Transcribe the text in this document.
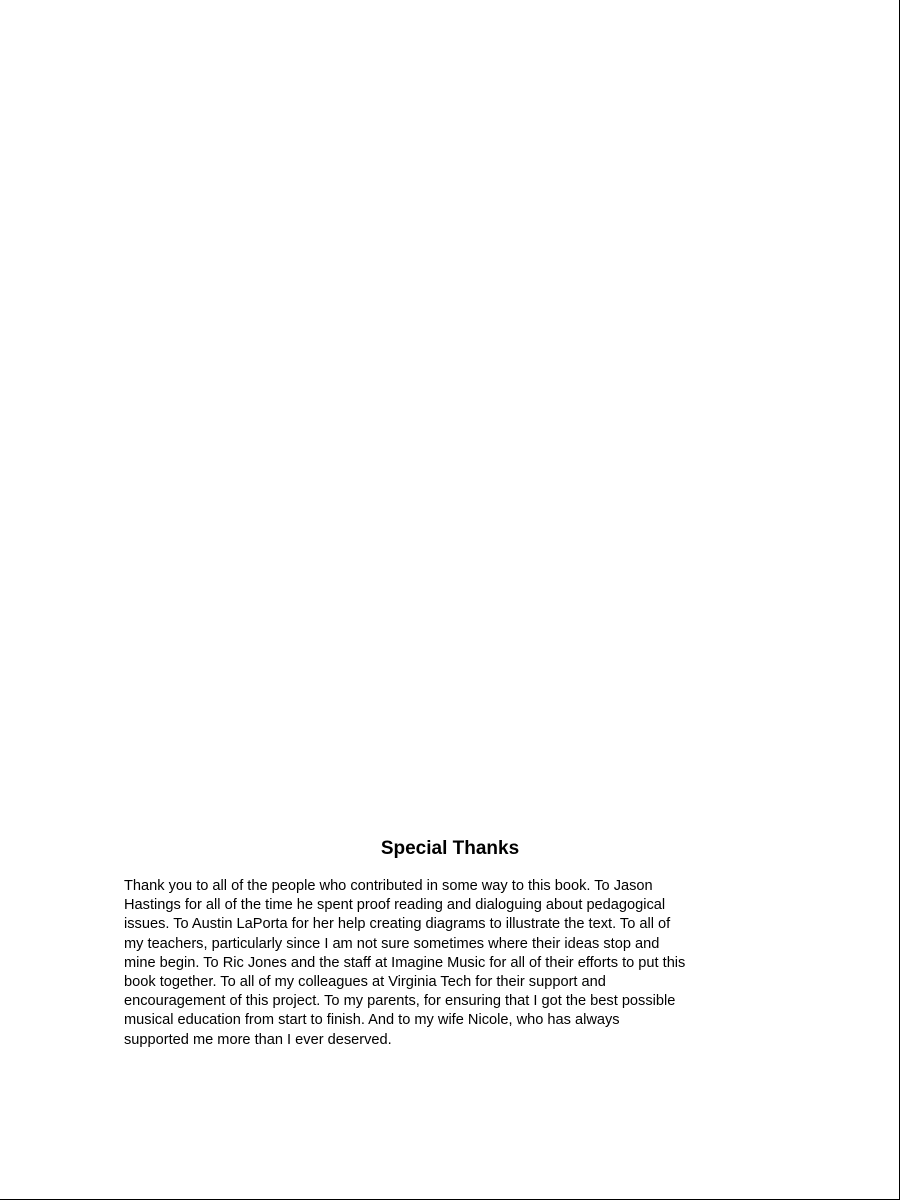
Special Thanks

Thank you to all of the people who contributed in some way to this book. To Jason
Hastings for all of the time he spent proof reading and dialoguing about pedagogical
issues. To Austin LaPorta for her help creating diagrams to illustrate the text. To all of
my teachers, particularly since I am not sure sometimes where their ideas stop and
mine begin. To Ric Jones and the staff at Imagine Music for all of their efforts to put this
book together. To all of my colleagues at Virginia Tech for their support and
encouragement of this project. To my parents, for ensuring that I got the best possible
musical education from start to finish. And to my wife Nicole, who has always
supported me more than I ever deserved.
